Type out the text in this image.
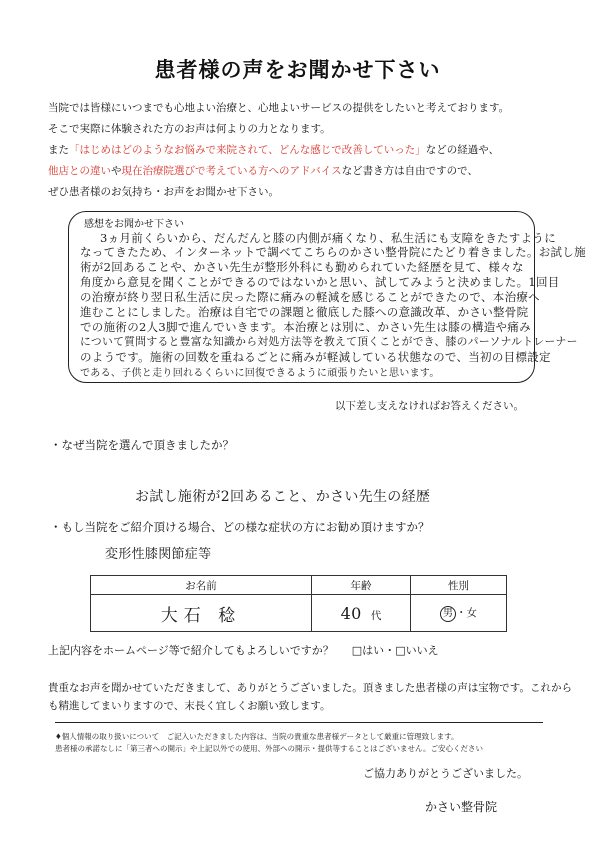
患者様の声をお聞かせ下さい
当院では皆様にいつまでも心地よい治療と、心地よいサービスの提供をしたいと考えております。
そこで実際に体験された方のお声は何よりの力となります。
また「はじめはどのようなお悩みで来院されて、どんな感じで改善していった」などの経過や、
他店との違いや現在治療院選びで考えている方へのアドバイスなど書き方は自由ですので、
ぜひ患者様のお気持ち・お声をお聞かせ下さい。
感想をお聞かせ下さい
3ヵ月前くらいから、だんだんと膝の内側が痛くなり、私生活にも支障をきたすように
なってきたため、インターネットで調べてこちらのかさい整骨院にたどり着きました。お試し施
術が2回あることや、かさい先生が整形外科にも勤められていた経歴を見て、様々な
角度から意見を聞くことができるのではないかと思い、試してみようと決めました。1回目
の治療が終り翌日私生活に戻った際に痛みの軽減を感じることができたので、本治療へ
進むことにしました。治療は自宅での課題と徹底した膝への意識改革、かさい整骨院
での施術の2人3脚で進んでいきます。本治療とは別に、かさい先生は膝の構造や痛み
について質問すると豊富な知識から対処方法等を教えて頂くことができ、膝のパーソナルトレーナー
のようです。施術の回数を重ねるごとに痛みが軽減している状態なので、当初の目標設定
である、子供と走り回れるくらいに回復できるように頑張りたいと思います。
以下差し支えなければお答えください。
・なぜ当院を選んで頂きましたか？
お試し施術が2回あること、かさい先生の経歴
・もし当院をご紹介頂ける場合、どの様な症状の方にお勧め頂けますか？
変形性膝関節症等
お名前	年齢	性別
大石 稔	40 代	男 ・女
上記内容をホームページ等で紹介してもよろしいですか？ □はい・□いいえ
貴重なお声を聞かせていただきまして、ありがとうございました。頂きました患者様の声は宝物です。これから
も精進してまいりますので、末長く宜しくお願い致します。
♦個人情報の取り扱いについて　ご記入いただきました内容は、当院の貴重な患者様データとして厳重に管理致します。
患者様の承諾なしに「第三者への開示」や上記以外での使用、外部への開示・提供等することはございません。ご安心ください
ご協力ありがとうございました。
かさい整骨院
